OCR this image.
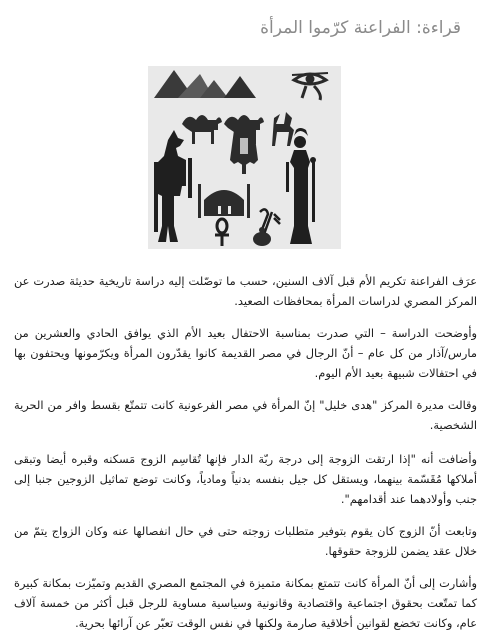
قراءة: الفراعنة كرّموا المرأة

عرَف الفراعنة تكريم الأم قبل آلاف السنين، حسب ما توصّلت إليه دراسة تاريخية حديثة صدرت عن المركز المصري لدراسات المرأة بمحافظات الصعيد.

وأوضحت الدراسة – التي صدرت بمناسبة الاحتفال بعيد الأم الذي يوافق الحادي والعشرين من مارس/آذار من كل عام – أنّ الرجال في مصر القديمة كانوا يقدّرون المرأة ويكرّمونها ويحتفون بها في احتفالات شبيهة بعيد الأم اليوم.

وقالت مديرة المركز "هدى خليل" إنّ المرأة في مصر الفرعونية كانت تتمتّع بقسط وافر من الحرية الشخصية.

وأضافت أنه "إذا ارتقت الزوجة إلى درجة ربّة الدار فإنها تُقاسِم الزوج مَسكنه وقبره أيضا وتبقى أملاكها مُقَسّمة بينهما، ويستقل كل جيل بنفسه بدنياً ومادياً، وكانت توضع تماثيل الزوجين جنبا إلى جنب وأولادهما عند أقدامهم".

وتابعت أنّ الزوج كان يقوم بتوفير متطلبات زوجته حتى في حال انفصالها عنه وكان الزواج يتمّ من خلال عقد يضمن للزوجة حقوقها.

وأشارت إلى أنّ المرأة كانت تتمتع بمكانة متميزة في المجتمع المصري القديم وتميّزت بمكانة كبيرة كما تمتّعت بحقوق اجتماعية واقتصادية وقانونية وسياسية مساوية للرجل قبل أكثر من خمسة آلاف عام، وكانت تخضع لقوانين أخلاقية صارمة ولكنها في نفس الوقت تعبّر عن آرائها بحرية.
